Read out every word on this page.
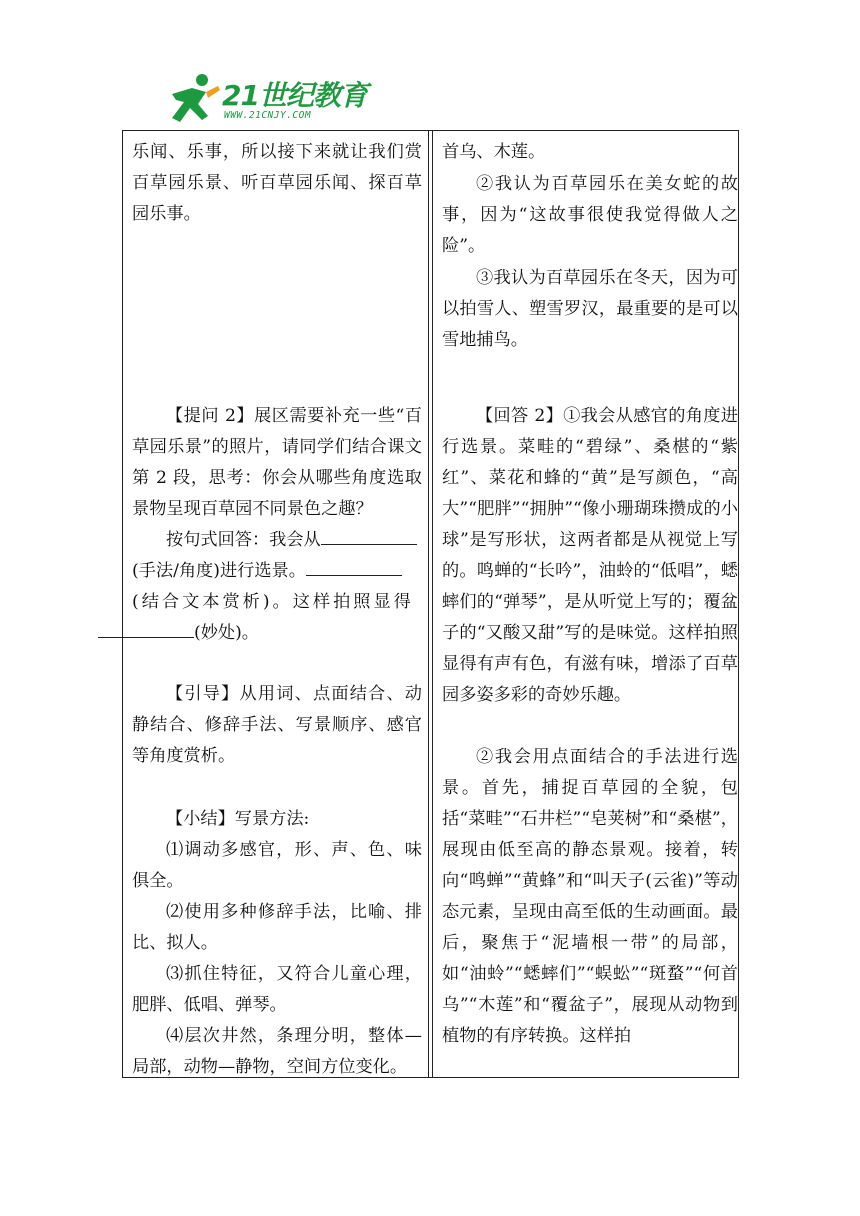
21世纪教育
WWW.21CNJY.COM

乐闻、乐事，所以接下来就让我们赏百草园乐景、听百草园乐闻、探百草园乐事。

【提问 2】展区需要补充一些“百草园乐景”的照片，请同学们结合课文第 2 段，思考：你会从哪些角度选取景物呈现百草园不同景色之趣？

按句式回答：我会从
(手法/角度)进行选景。
(结合文本赏析)。这样拍照显得
(妙处)。

【引导】从用词、点面结合、动静结合、修辞手法、写景顺序、感官等角度赏析。

【小结】写景方法:

⑴调动多感官，形、声、色、味俱全。

⑵使用多种修辞手法，比喻、排比、拟人。

⑶抓住特征，又符合儿童心理，肥胖、低唱、弹琴。

⑷层次井然，条理分明，整体—局部，动物—静物，空间方位变化。

首乌、木莲。

②我认为百草园乐在美女蛇的故事，因为“这故事很使我觉得做人之险”。

③我认为百草园乐在冬天，因为可以拍雪人、塑雪罗汉，最重要的是可以雪地捕鸟。

【回答 2】①我会从感官的角度进行选景。菜畦的“碧绿”、桑椹的“紫红”、菜花和蜂的“黄”是写颜色，“高大”“肥胖”“拥肿”“像小珊瑚珠攒成的小球”是写形状，这两者都是从视觉上写的。鸣蝉的“长吟”，油蛉的“低唱”，蟋蟀们的“弹琴”，是从听觉上写的；覆盆子的“又酸又甜”写的是味觉。这样拍照显得有声有色，有滋有味，增添了百草园多姿多彩的奇妙乐趣。

②我会用点面结合的手法进行选景。首先，捕捉百草园的全貌，包括“菜畦”“石井栏”“皂荚树”和“桑椹”，展现由低至高的静态景观。接着，转向“鸣蝉”“黄蜂”和“叫天子(云雀)”等动态元素，呈现由高至低的生动画面。最后，聚焦于“泥墙根一带”的局部，如“油蛉”“蟋蟀们”“蜈蚣”“斑蝥”“何首乌”“木莲”和“覆盆子”，展现从动物到植物的有序转换。这样拍
